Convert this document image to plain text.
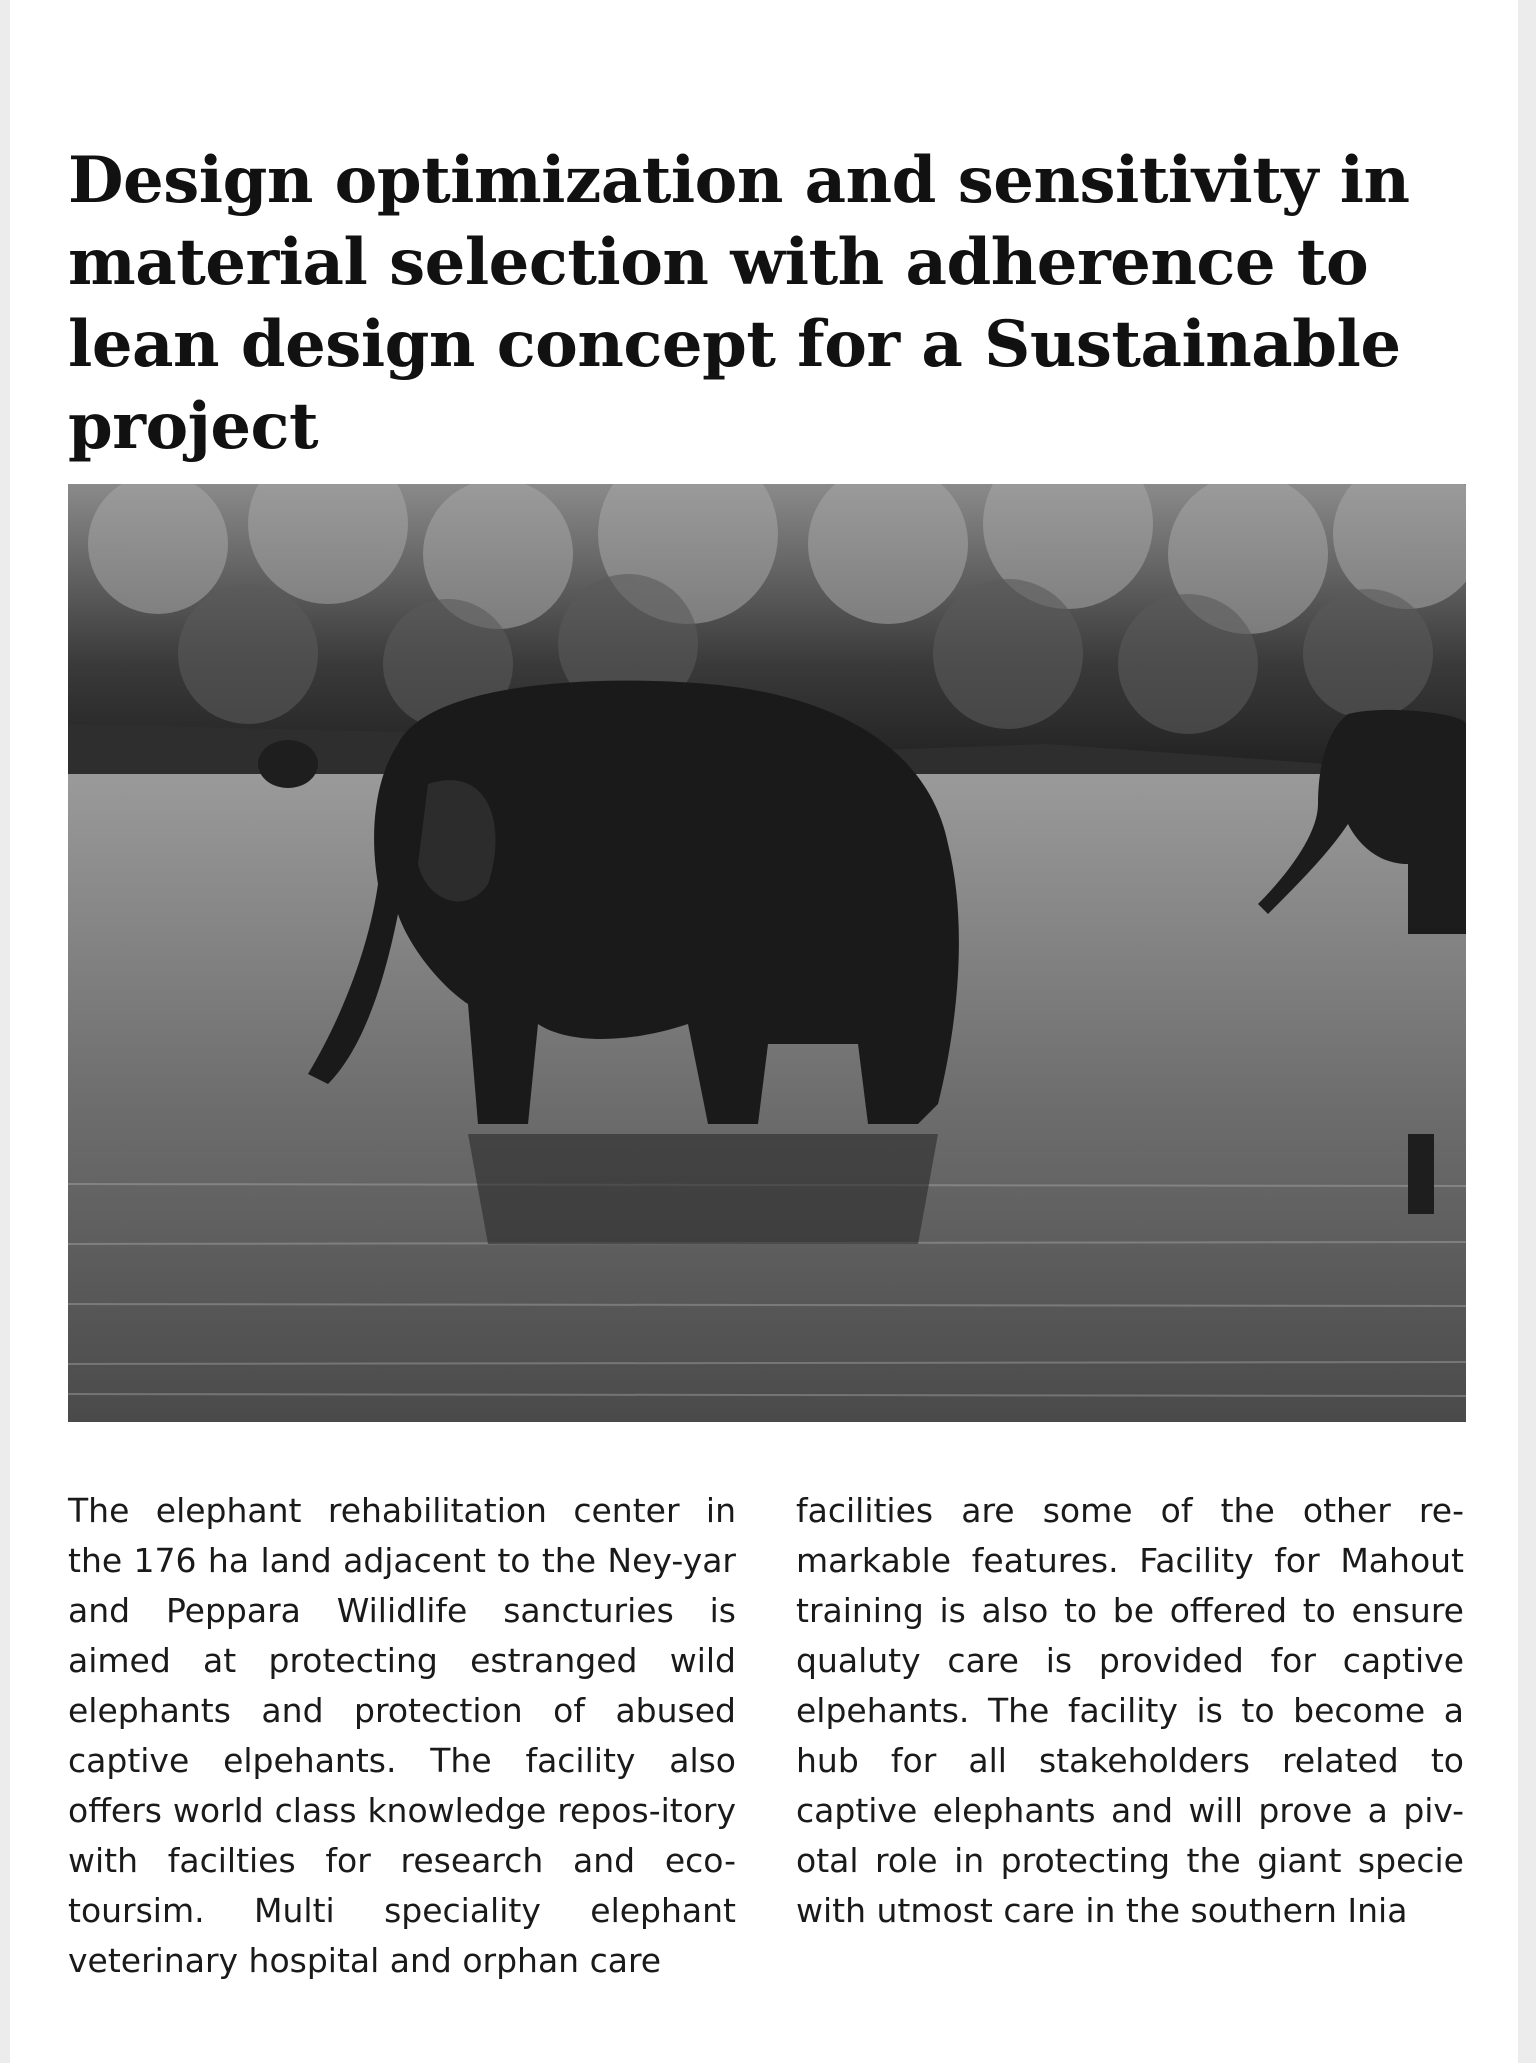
Design optimization and sensitivity in material selection with adherence to lean design concept for a Sustainable project

The elephant rehabilitation center in the 176 ha land adjacent to the Ney-yar and Peppara Wilidlife sancturies is aimed at protecting estranged wild elephants and protection of abused captive elpehants. The facility also offers world class knowledge repos-itory with facilties for research and eco-toursim. Multi speciality elephant veterinary hospital and orphan care

facilities are some of the other re-markable features. Facility for Mahout training is also to be offered to ensure qualuty care is provided for captive elpehants. The facility is to become a hub for all stakeholders related to captive elephants and will prove a piv-otal role in protecting the giant specie with utmost care in the southern Inia
